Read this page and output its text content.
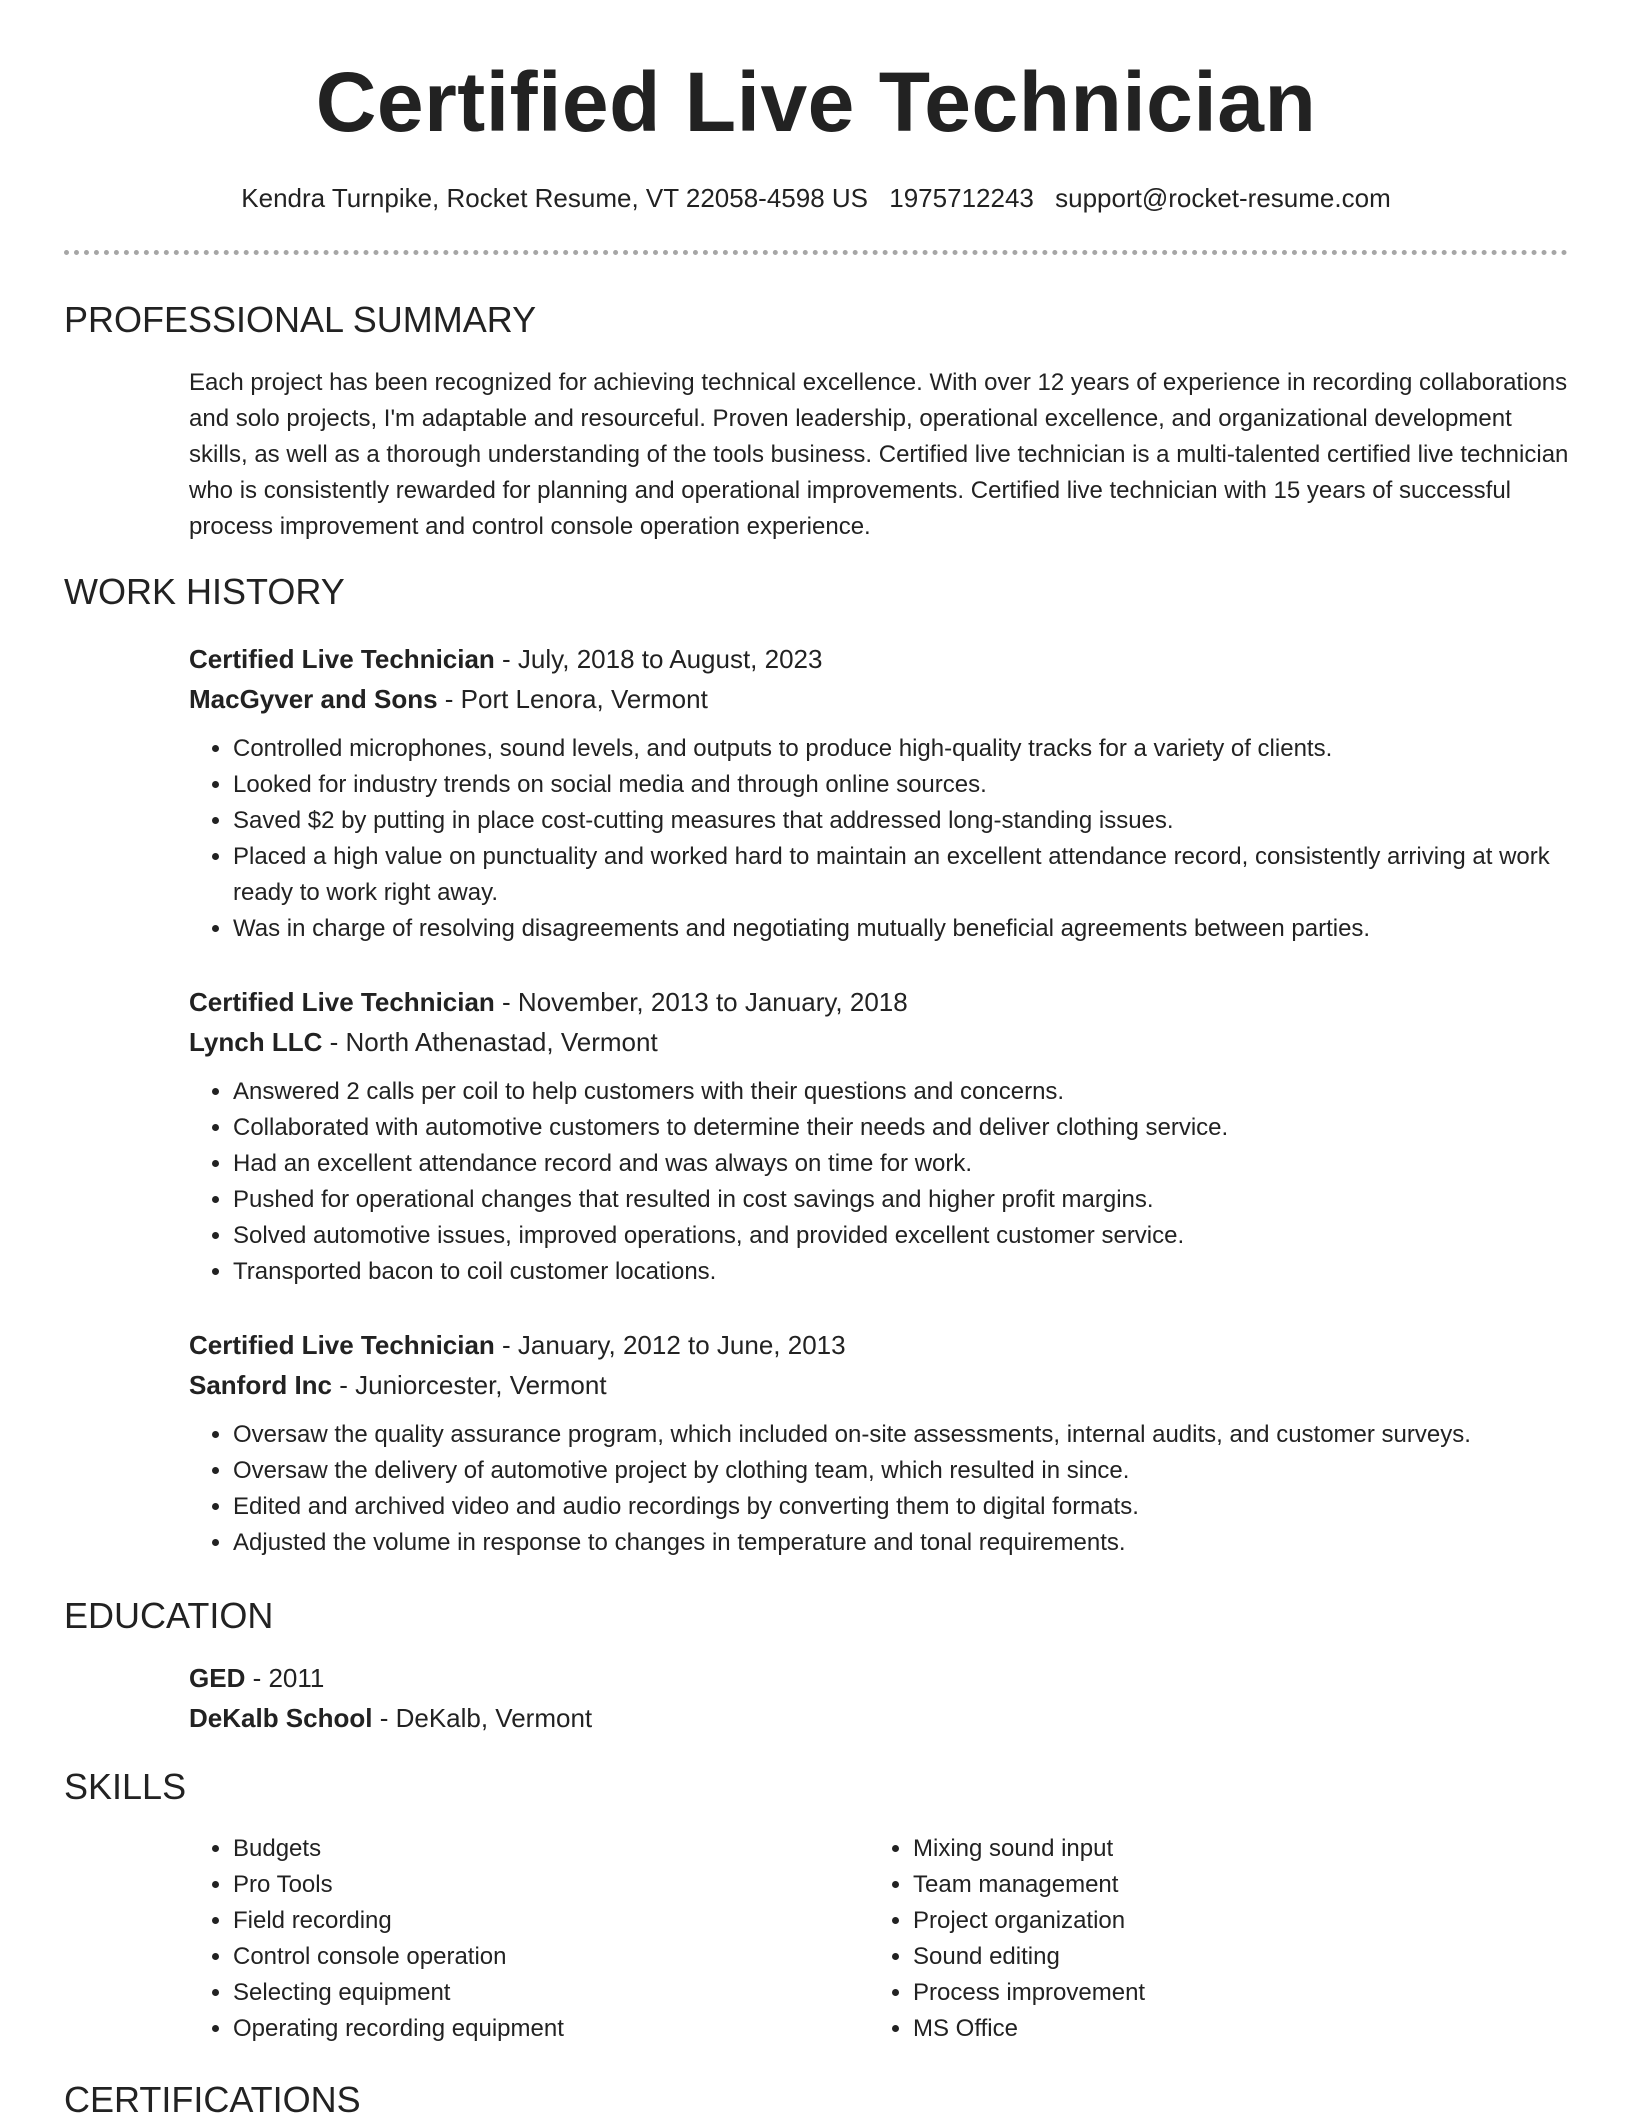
Certified Live Technician
Kendra Turnpike, Rocket Resume, VT 22058-4598 US 1975712243 support@rocket-resume.com
PROFESSIONAL SUMMARY

Each project has been recognized for achieving technical excellence. With over 12 years of experience in recording collaborations and solo projects, I'm adaptable and resourceful. Proven leadership, operational excellence, and organizational development skills, as well as a thorough understanding of the tools business. Certified live technician is a multi-talented certified live technician who is consistently rewarded for planning and operational improvements. Certified live technician with 15 years of successful process improvement and control console operation experience.

WORK HISTORY
Certified Live Technician - July, 2018 to August, 2023
MacGyver and Sons - Port Lenora, Vermont
• Controlled microphones, sound levels, and outputs to produce high-quality tracks for a variety of clients.
• Looked for industry trends on social media and through online sources.
• Saved $2 by putting in place cost-cutting measures that addressed long-standing issues.
• Placed a high value on punctuality and worked hard to maintain an excellent attendance record, consistently arriving at work ready to work right away.
• Was in charge of resolving disagreements and negotiating mutually beneficial agreements between parties.
Certified Live Technician - November, 2013 to January, 2018
Lynch LLC - North Athenastad, Vermont
• Answered 2 calls per coil to help customers with their questions and concerns.
• Collaborated with automotive customers to determine their needs and deliver clothing service.
• Had an excellent attendance record and was always on time for work.
• Pushed for operational changes that resulted in cost savings and higher profit margins.
• Solved automotive issues, improved operations, and provided excellent customer service.
• Transported bacon to coil customer locations.
Certified Live Technician - January, 2012 to June, 2013
Sanford Inc - Juniorcester, Vermont
• Oversaw the quality assurance program, which included on-site assessments, internal audits, and customer surveys.
• Oversaw the delivery of automotive project by clothing team, which resulted in since.
• Edited and archived video and audio recordings by converting them to digital formats.
• Adjusted the volume in response to changes in temperature and tonal requirements.
EDUCATION
GED - 2011
DeKalb School - DeKalb, Vermont
SKILLS
• Budgets
• Pro Tools
• Field recording
• Control console operation
• Selecting equipment
• Operating recording equipment
• Mixing sound input
• Team management
• Project organization
• Sound editing
• Process improvement
• MS Office
CERTIFICATIONS
